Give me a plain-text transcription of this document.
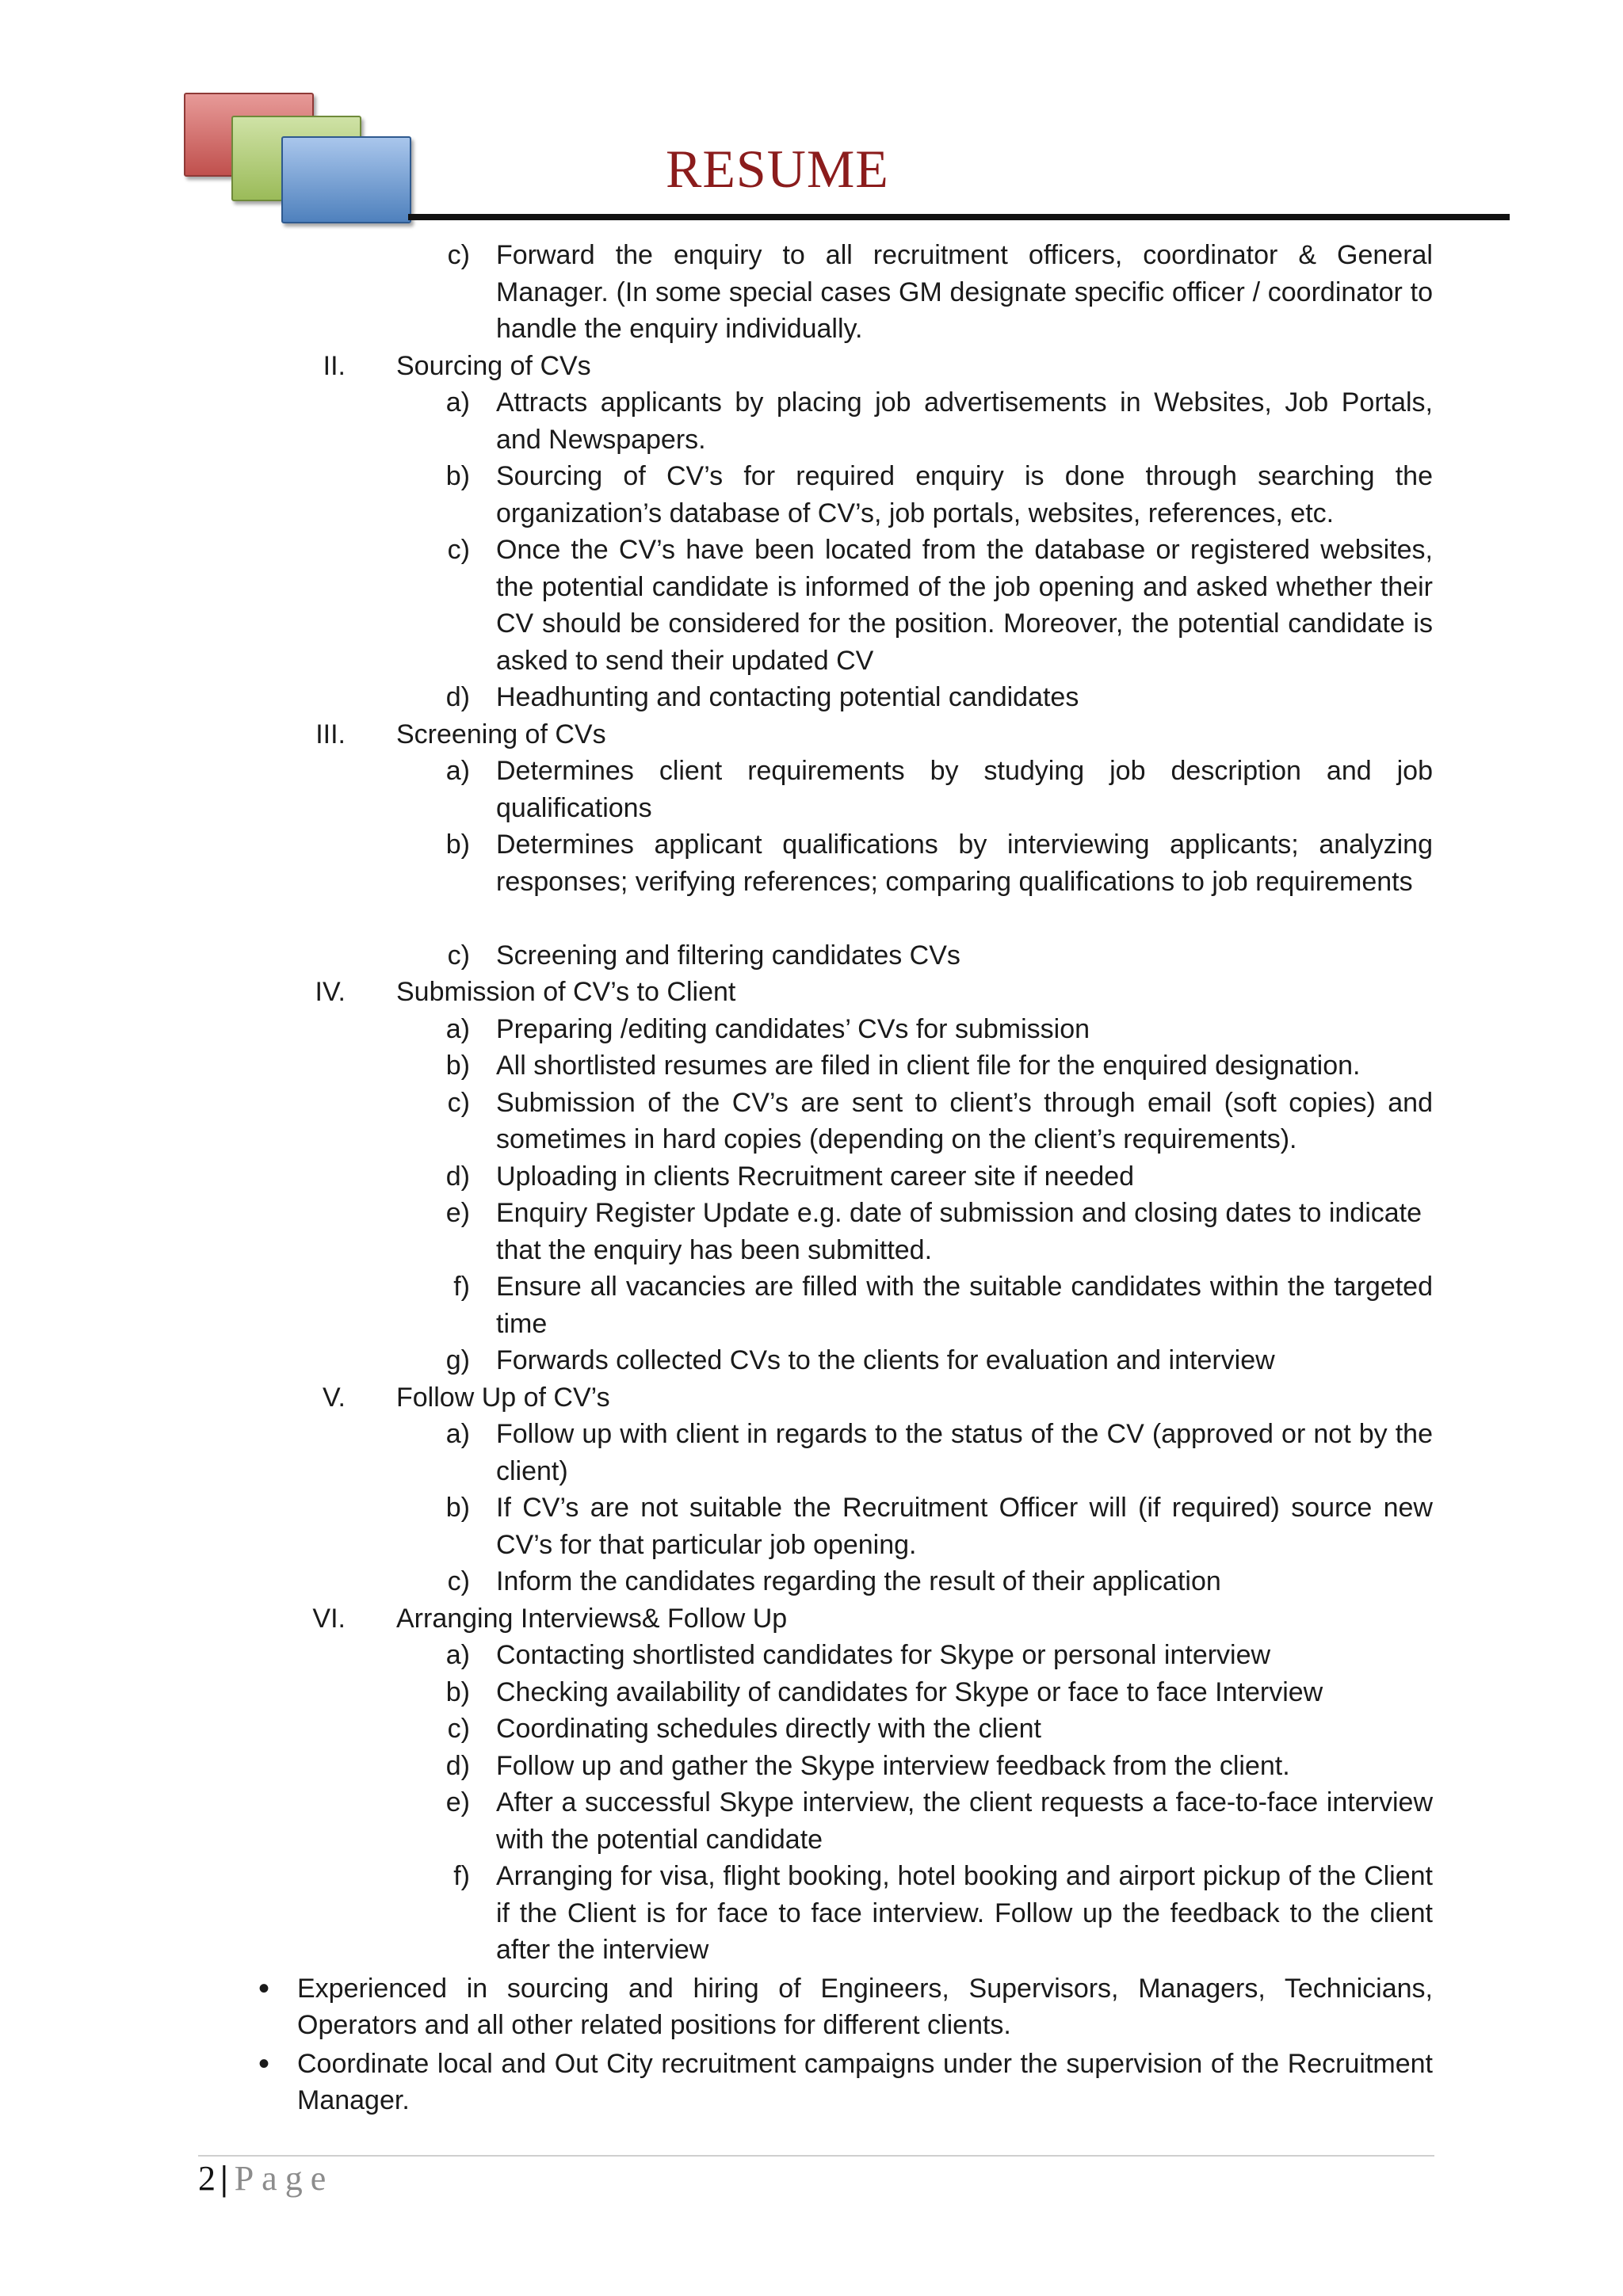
RESUME
c) Forward the enquiry to all recruitment officers, coordinator & General Manager. (In some special cases GM designate specific officer / coordinator to handle the enquiry individually.
II. Sourcing of CVs
a) Attracts applicants by placing job advertisements in Websites, Job Portals, and Newspapers.
b) Sourcing of CV’s for required enquiry is done through searching the organization’s database of CV’s, job portals, websites, references, etc.
c) Once the CV’s have been located from the database or registered websites, the potential candidate is informed of the job opening and asked whether their CV should be considered for the position. Moreover, the potential candidate is asked to send their updated CV
d) Headhunting and contacting potential candidates
III. Screening of CVs
a) Determines client requirements by studying job description and job qualifications
b) Determines applicant qualifications by interviewing applicants; analyzing responses; verifying references; comparing qualifications to job requirements
c) Screening and filtering candidates CVs
IV. Submission of CV’s to Client
a) Preparing /editing candidates’ CVs for submission
b) All shortlisted resumes are filed in client file for the enquired designation.
c) Submission of the CV’s are sent to client’s through email (soft copies) and sometimes in hard copies (depending on the client’s requirements).
d) Uploading in clients Recruitment career site if needed
e) Enquiry Register Update e.g. date of submission and closing dates to indicate that the enquiry has been submitted.
f) Ensure all vacancies are filled with the suitable candidates within the targeted time
g) Forwards collected CVs to the clients for evaluation and interview
V. Follow Up of CV’s
a) Follow up with client in regards to the status of the CV (approved or not by the client)
b) If CV’s are not suitable the Recruitment Officer will (if required) source new CV’s for that particular job opening.
c) Inform the candidates regarding the result of their application
VI. Arranging Interviews& Follow Up
a) Contacting shortlisted candidates for Skype or personal interview
b) Checking availability of candidates for Skype or face to face Interview
c) Coordinating schedules directly with the client
d) Follow up and gather the Skype interview feedback from the client.
e) After a successful Skype interview, the client requests a face-to-face interview with the potential candidate
f) Arranging for visa, flight booking, hotel booking and airport pickup of the Client if the Client is for face to face interview. Follow up the feedback to the client after the interview
• Experienced in sourcing and hiring of Engineers, Supervisors, Managers, Technicians, Operators and all other related positions for different clients.
• Coordinate local and Out City recruitment campaigns under the supervision of the Recruitment Manager.
2 | Page
